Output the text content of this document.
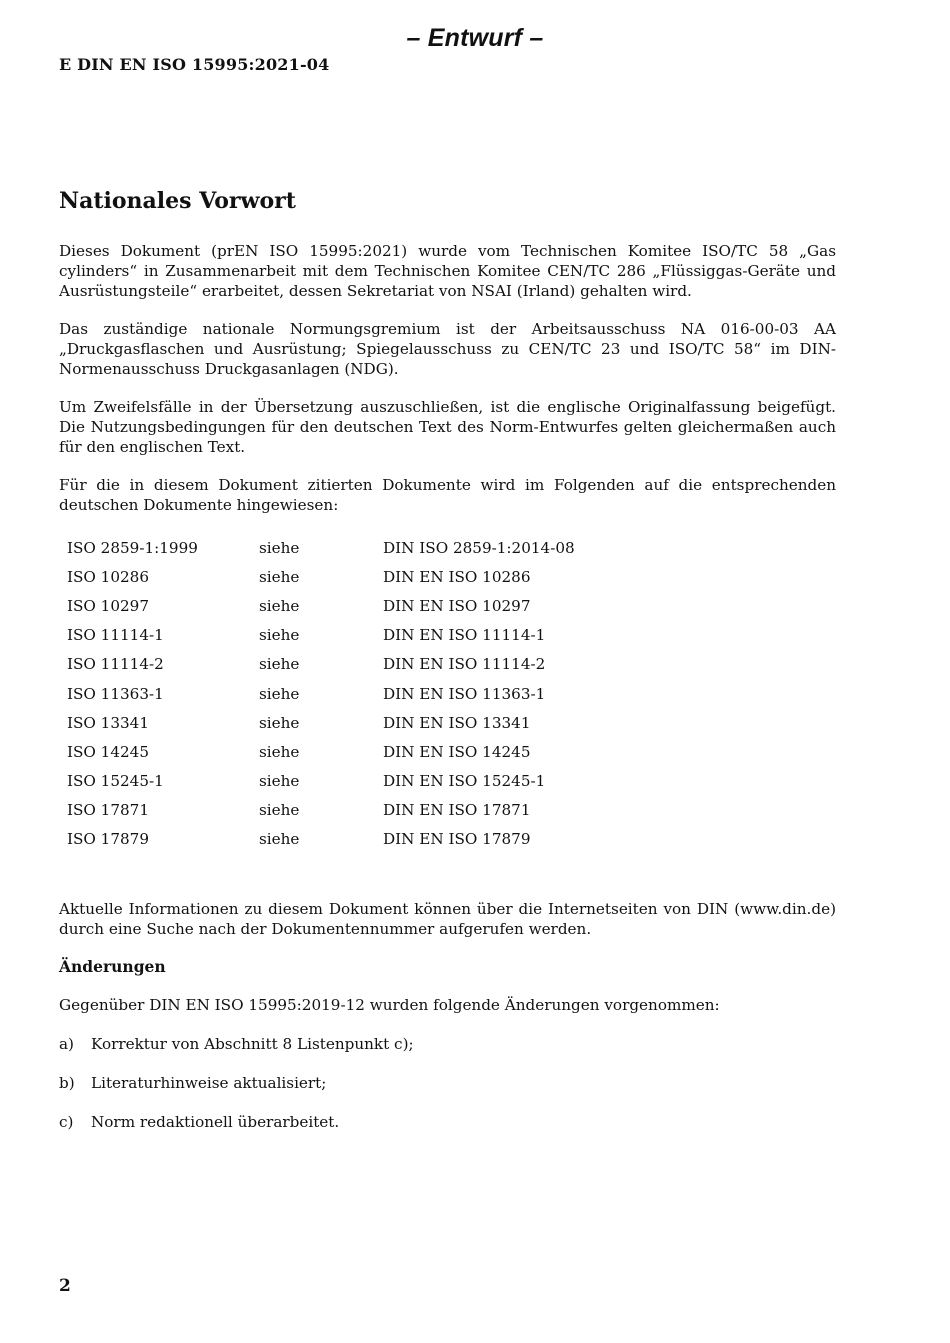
– Entwurf –
E DIN EN ISO 15995:2021-04
Nationales Vorwort

Dieses Dokument (prEN ISO 15995:2021) wurde vom Technischen Komitee ISO/TC 58 „Gas cylinders“ in Zusammenarbeit mit dem Technischen Komitee CEN/TC 286 „Flüssiggas-Geräte und Ausrüstungsteile“ erarbeitet, dessen Sekretariat von NSAI (Irland) gehalten wird.

Das zuständige nationale Normungsgremium ist der Arbeitsausschuss NA 016-00-03 AA „Druckgasflaschen und Ausrüstung; Spiegelausschuss zu CEN/TC 23 und ISO/TC 58“ im DIN-Normenausschuss Druckgasanlagen (NDG).

Um Zweifelsfälle in der Übersetzung auszuschließen, ist die englische Originalfassung beigefügt. Die Nutzungsbedingungen für den deutschen Text des Norm-Entwurfes gelten gleichermaßen auch für den englischen Text.

Für die in diesem Dokument zitierten Dokumente wird im Folgenden auf die entsprechenden deutschen Dokumente hingewiesen:

ISO 2859-1:1999	siehe	DIN ISO 2859-1:2014-08
ISO 10286	siehe	DIN EN ISO 10286
ISO 10297	siehe	DIN EN ISO 10297
ISO 11114-1	siehe	DIN EN ISO 11114-1
ISO 11114-2	siehe	DIN EN ISO 11114-2
ISO 11363-1	siehe	DIN EN ISO 11363-1
ISO 13341	siehe	DIN EN ISO 13341
ISO 14245	siehe	DIN EN ISO 14245
ISO 15245-1	siehe	DIN EN ISO 15245-1
ISO 17871	siehe	DIN EN ISO 17871
ISO 17879	siehe	DIN EN ISO 17879

Aktuelle Informationen zu diesem Dokument können über die Internetseiten von DIN (www.din.de) durch eine Suche nach der Dokumentennummer aufgerufen werden.

Änderungen

Gegenüber DIN EN ISO 15995:2019-12 wurden folgende Änderungen vorgenommen:

a)	Korrektur von Abschnitt 8 Listenpunkt c);
b)	Literaturhinweise aktualisiert;
c)	Norm redaktionell überarbeitet.
2
